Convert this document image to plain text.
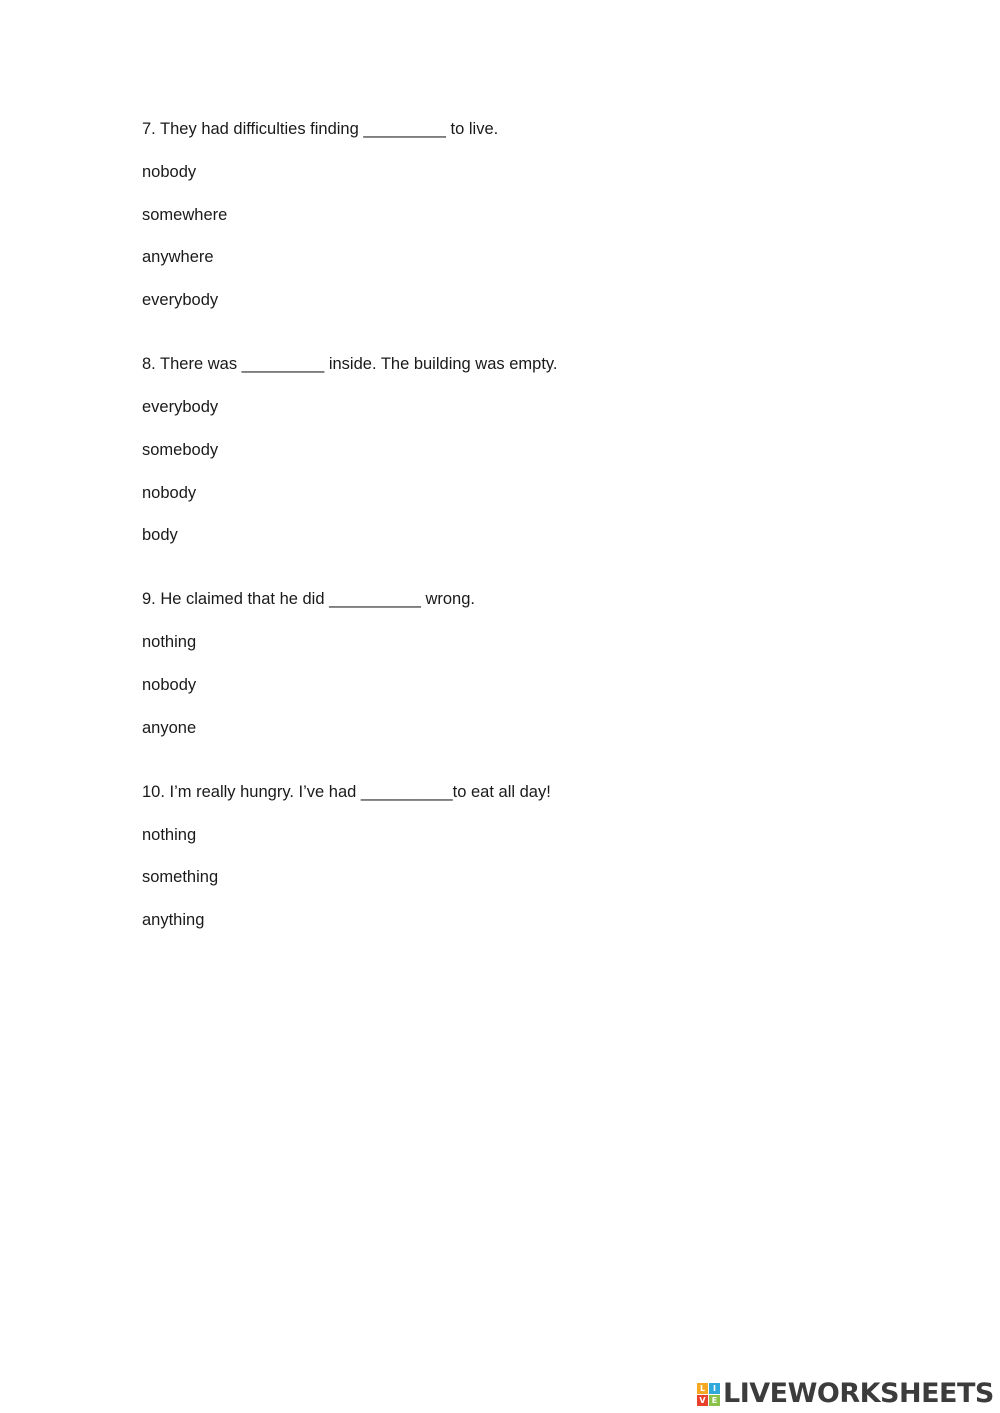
7. They had difficulties finding _________ to live.

nobody

somewhere

anywhere

everybody

8. There was _________ inside. The building was empty.

everybody

somebody

nobody

body

9. He claimed that he did __________ wrong.

nothing

nobody

anyone

10. I’m really hungry. I’ve had __________to eat all day!

nothing

something

anything

L I
V E LIVEWORKSHEETS
